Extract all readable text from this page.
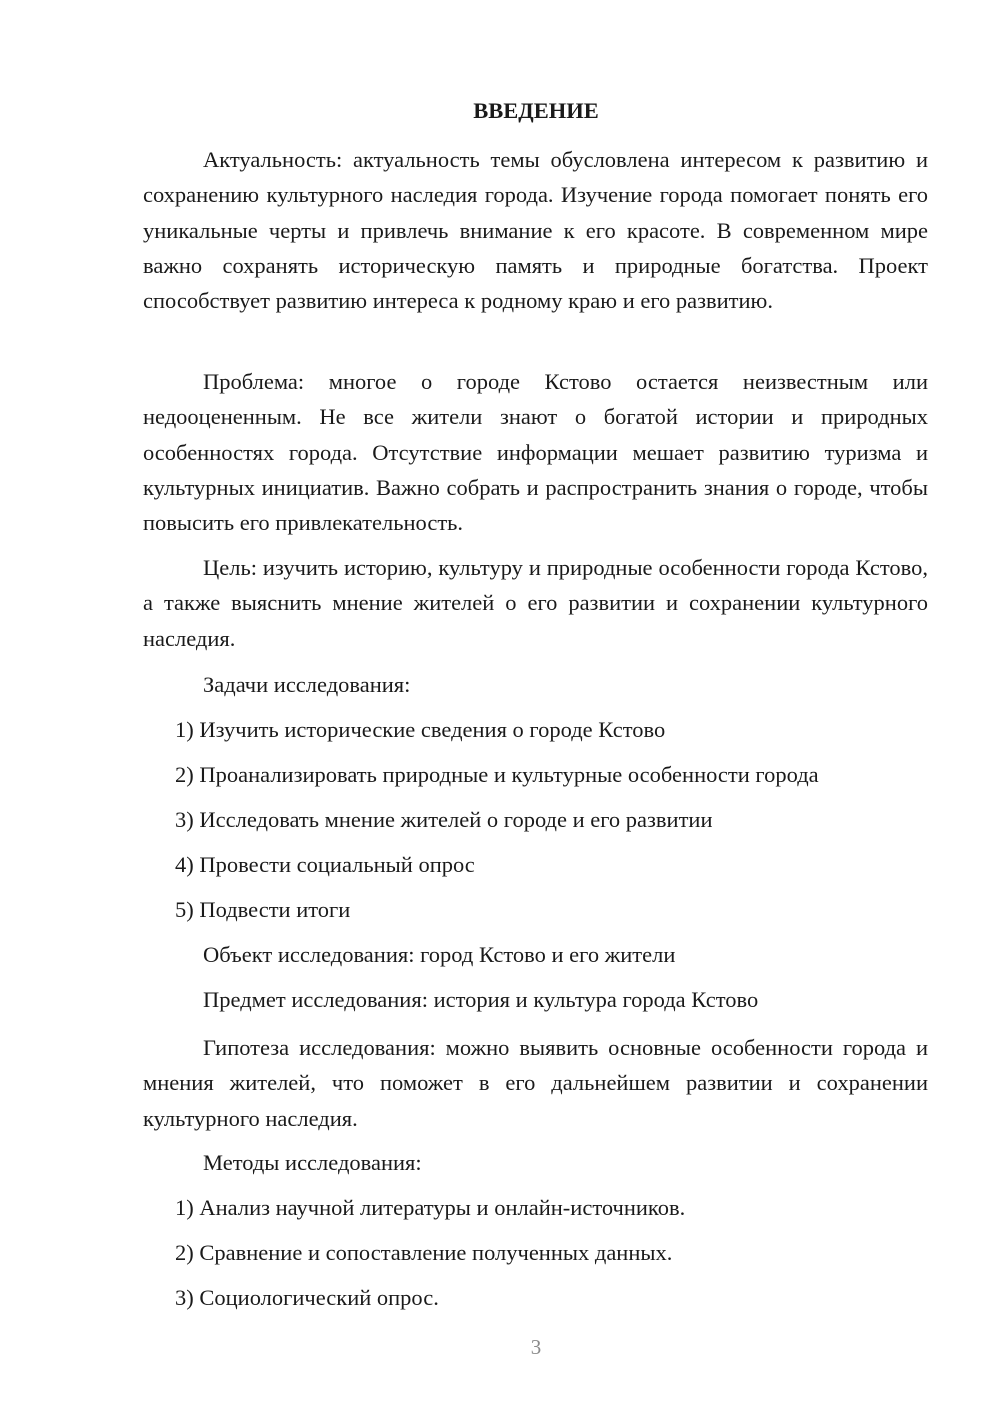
ВВЕДЕНИЕ

Актуальность: актуальность темы обусловлена интересом к развитию и сохранению культурного наследия города. Изучение города помогает понять его уникальные черты и привлечь внимание к его красоте. В современном мире важно сохранять историческую память и природные богатства. Проект способствует развитию интереса к родному краю и его развитию.

Проблема: многое о городе Кстово остается неизвестным или недооцененным. Не все жители знают о богатой истории и природных особенностях города. Отсутствие информации мешает развитию туризма и культурных инициатив. Важно собрать и распространить знания о городе, чтобы повысить его привлекательность.

Цель: изучить историю, культуру и природные особенности города Кстово, а также выяснить мнение жителей о его развитии и сохранении культурного наследия.

Задачи исследования:

1) Изучить исторические сведения о городе Кстово

2) Проанализировать природные и культурные особенности города

3) Исследовать мнение жителей о городе и его развитии

4) Провести социальный опрос

5) Подвести итоги

Объект исследования: город Кстово и его жители

Предмет исследования: история и культура города Кстово

Гипотеза исследования: можно выявить основные особенности города и мнения жителей, что поможет в его дальнейшем развитии и сохранении культурного наследия.

Методы исследования:

1) Анализ научной литературы и онлайн-источников.

2) Сравнение и сопоставление полученных данных.

3) Социологический опрос.

3
